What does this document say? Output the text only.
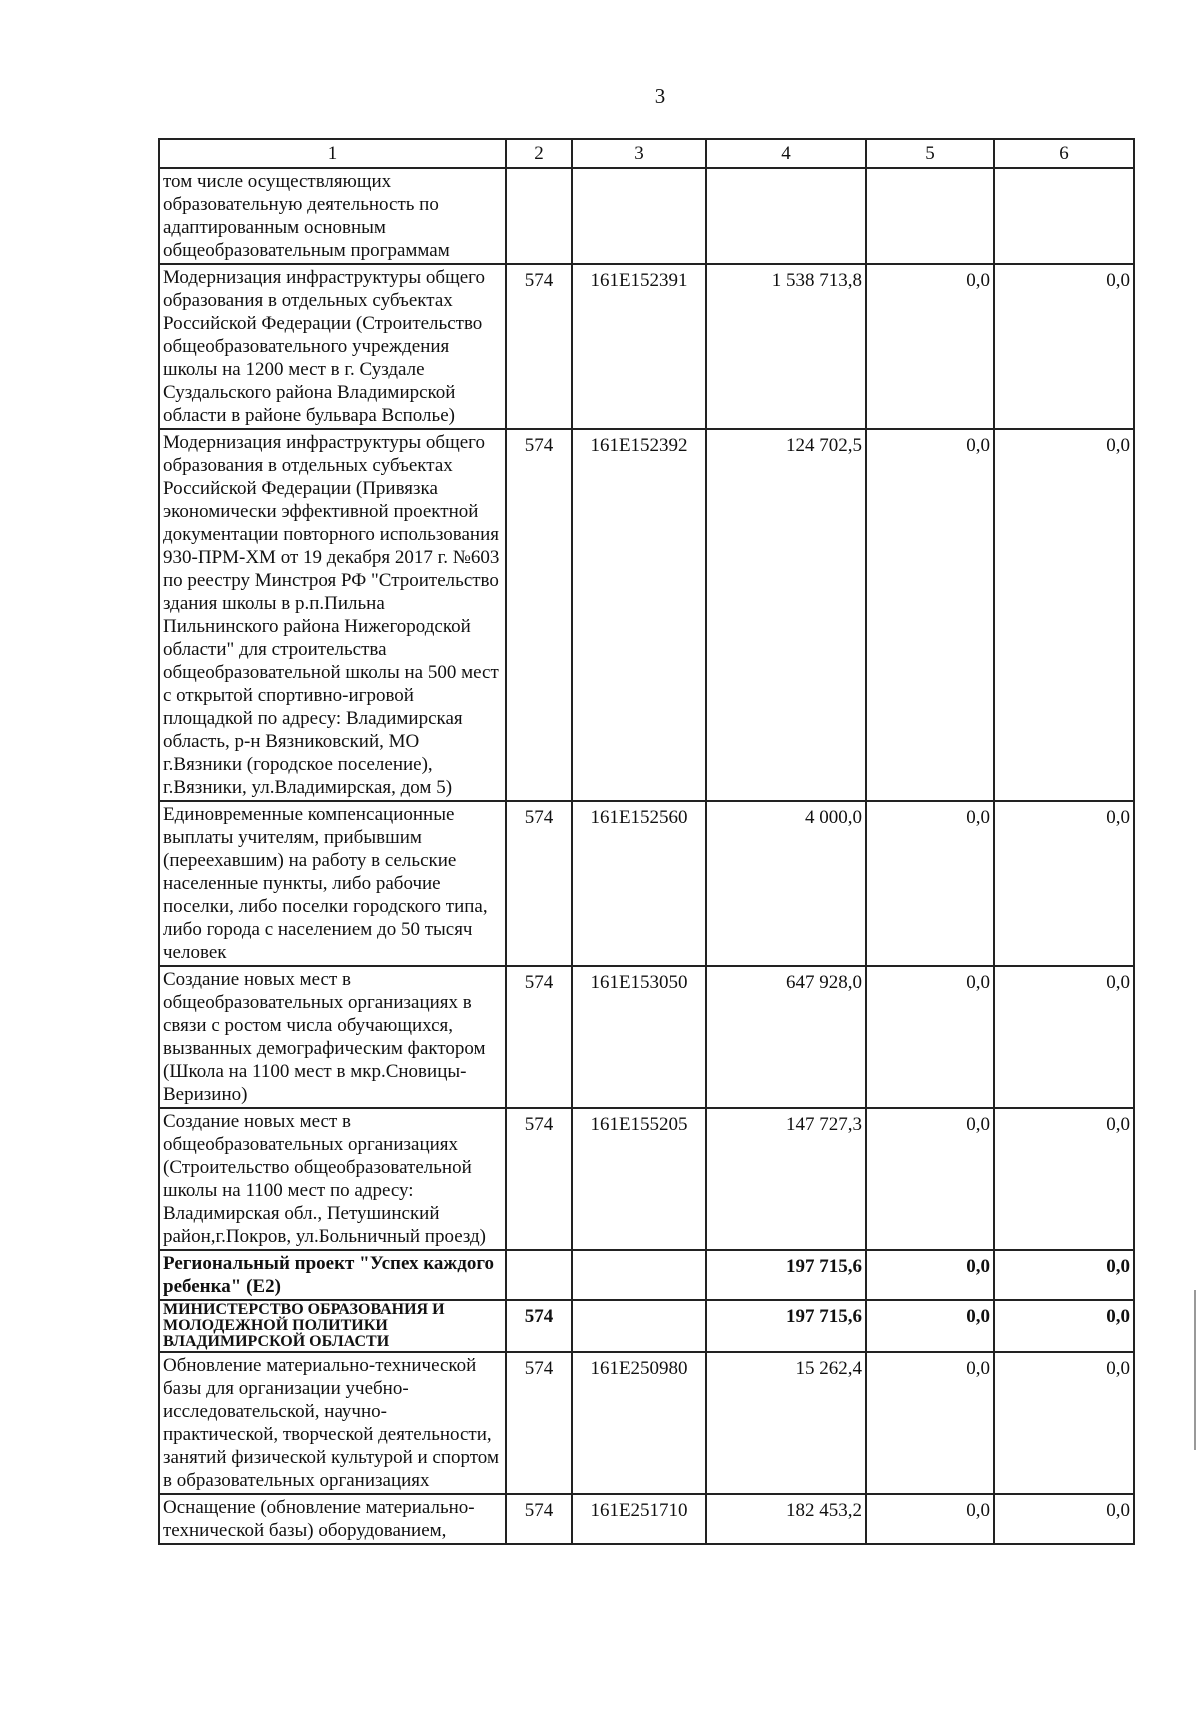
3
1	2	3	4	5	6
том числе осуществляющих образовательную деятельность по адаптированным основным общеобразовательным программам					
Модернизация инфраструктуры общего образования в отдельных субъектах Российской Федерации (Строительство общеобразовательного учреждения школы на 1200 мест в г. Суздале Суздальского района Владимирской области в районе бульвара Всполье)	574	161E152391	1 538 713,8	0,0	0,0
Модернизация инфраструктуры общего образования в отдельных субъектах Российской Федерации (Привязка экономически эффективной проектной документации повторного использования 930-ПРМ-ХМ от 19 декабря 2017 г. №603 по реестру Минстроя РФ "Строительство здания школы в р.п.Пильна Пильнинского района Нижегородской области" для строительства общеобразовательной школы на 500 мест с открытой спортивно-игровой площадкой по адресу: Владимирская область, р-н Вязниковский, МО г.Вязники (городское поселение), г.Вязники, ул.Владимирская, дом 5)	574	161E152392	124 702,5	0,0	0,0
Единовременные компенсационные выплаты учителям, прибывшим (переехавшим) на работу в сельские населенные пункты, либо рабочие поселки, либо поселки городского типа, либо города с населением до 50 тысяч человек	574	161E152560	4 000,0	0,0	0,0
Создание новых мест в общеобразовательных организациях в связи с ростом числа обучающихся, вызванных демографическим фактором (Школа на 1100 мест в мкр.Сновицы-Веризино)	574	161E153050	647 928,0	0,0	0,0
Создание новых мест в общеобразовательных организациях (Строительство общеобразовательной школы на 1100 мест по адресу: Владимирская обл., Петушинский район,г.Покров, ул.Больничный проезд)	574	161E155205	147 727,3	0,0	0,0
Региональный проект "Успех каждого ребенка" (Е2)			197 715,6	0,0	0,0
МИНИСТЕРСТВО ОБРАЗОВАНИЯ И МОЛОДЕЖНОЙ ПОЛИТИКИ ВЛАДИМИРСКОЙ ОБЛАСТИ	574		197 715,6	0,0	0,0
Обновление материально-технической базы для организации учебно-исследовательской, научно-практической, творческой деятельности, занятий физической культурой и спортом в образовательных организациях	574	161E250980	15 262,4	0,0	0,0
Оснащение (обновление материально-технической базы) оборудованием,	574	161E251710	182 453,2	0,0	0,0
